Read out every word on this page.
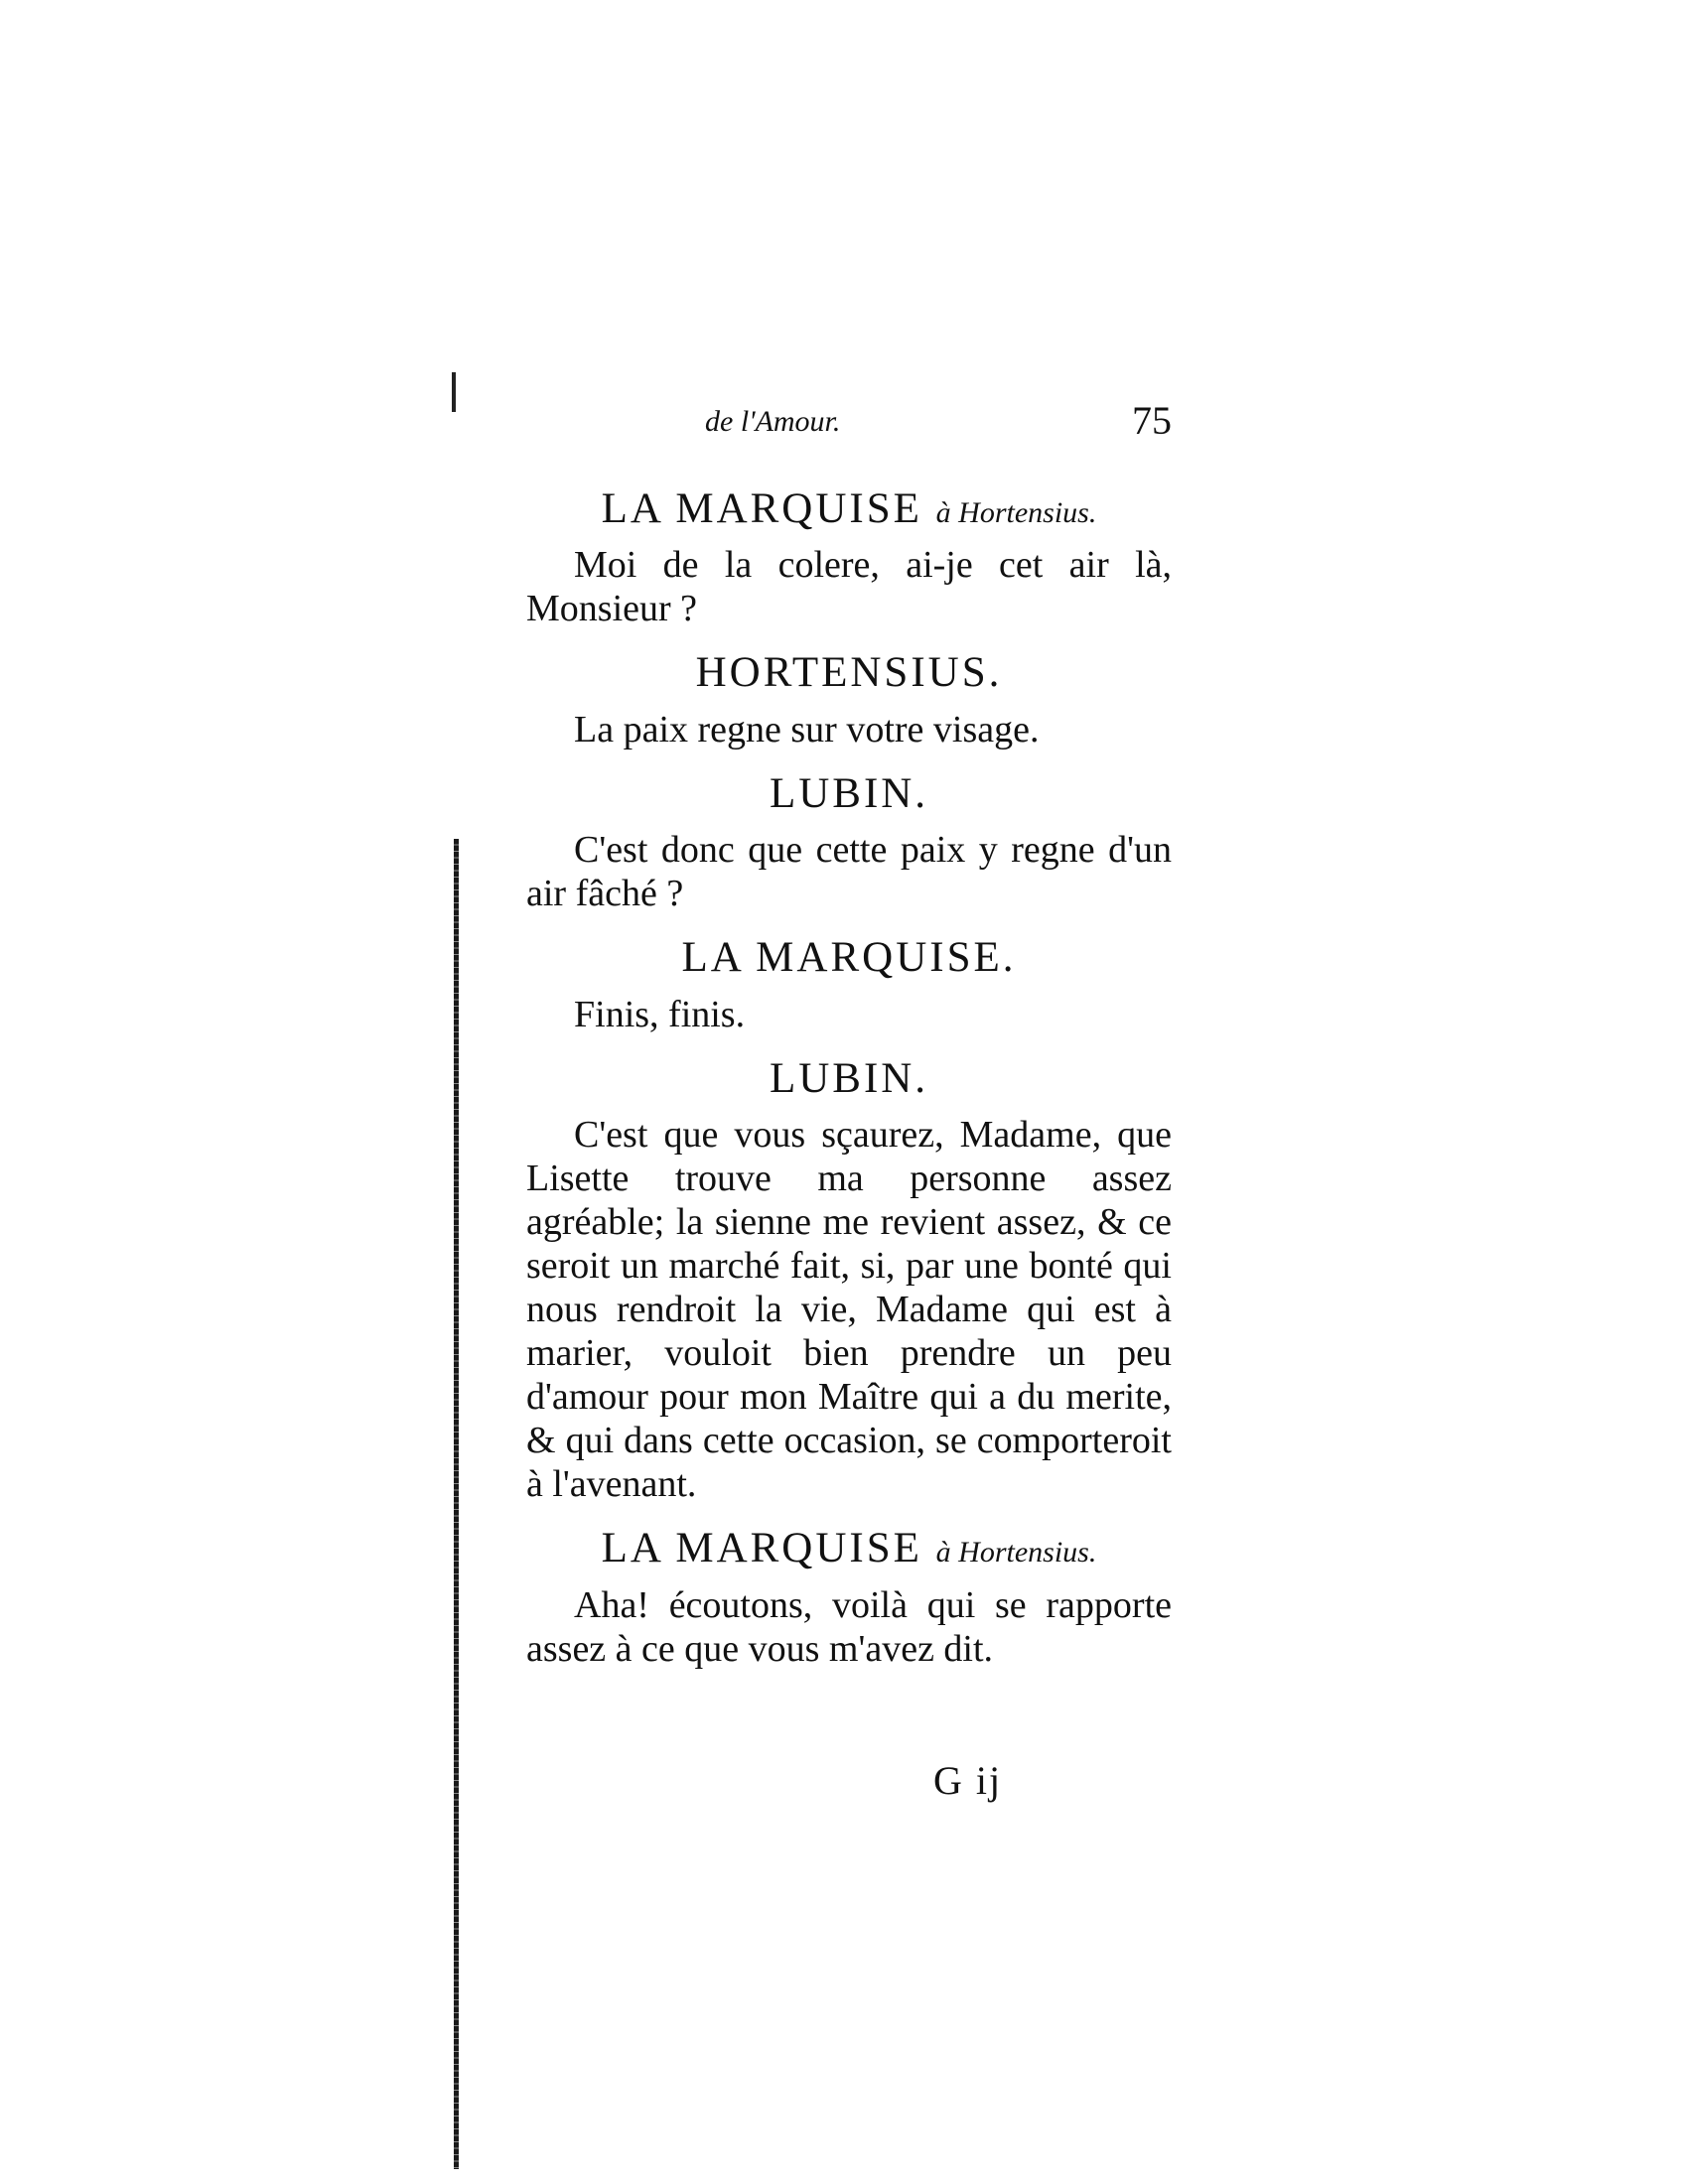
de l'Amour.	75
LA MARQUISE à Hortensius.

Moi de la colere, ai-je cet air là, Monsieur ?

HORTENSIUS.

La paix regne sur votre visage.

LUBIN.

C'est donc que cette paix y regne d'un air fâché ?

LA MARQUISE.

Finis, finis.

LUBIN.

C'est que vous sçaurez, Madame, que Lisette trouve ma personne assez agréable; la sienne me revient assez, & ce seroit un marché fait, si, par une bonté qui nous rendroit la vie, Madame qui est à marier, vouloit bien prendre un peu d'amour pour mon Maître qui a du merite, & qui dans cette occasion, se comporteroit à l'avenant.

LA MARQUISE à Hortensius.

Aha! écoutons, voilà qui se rapporte assez à ce que vous m'avez dit.

G ij
